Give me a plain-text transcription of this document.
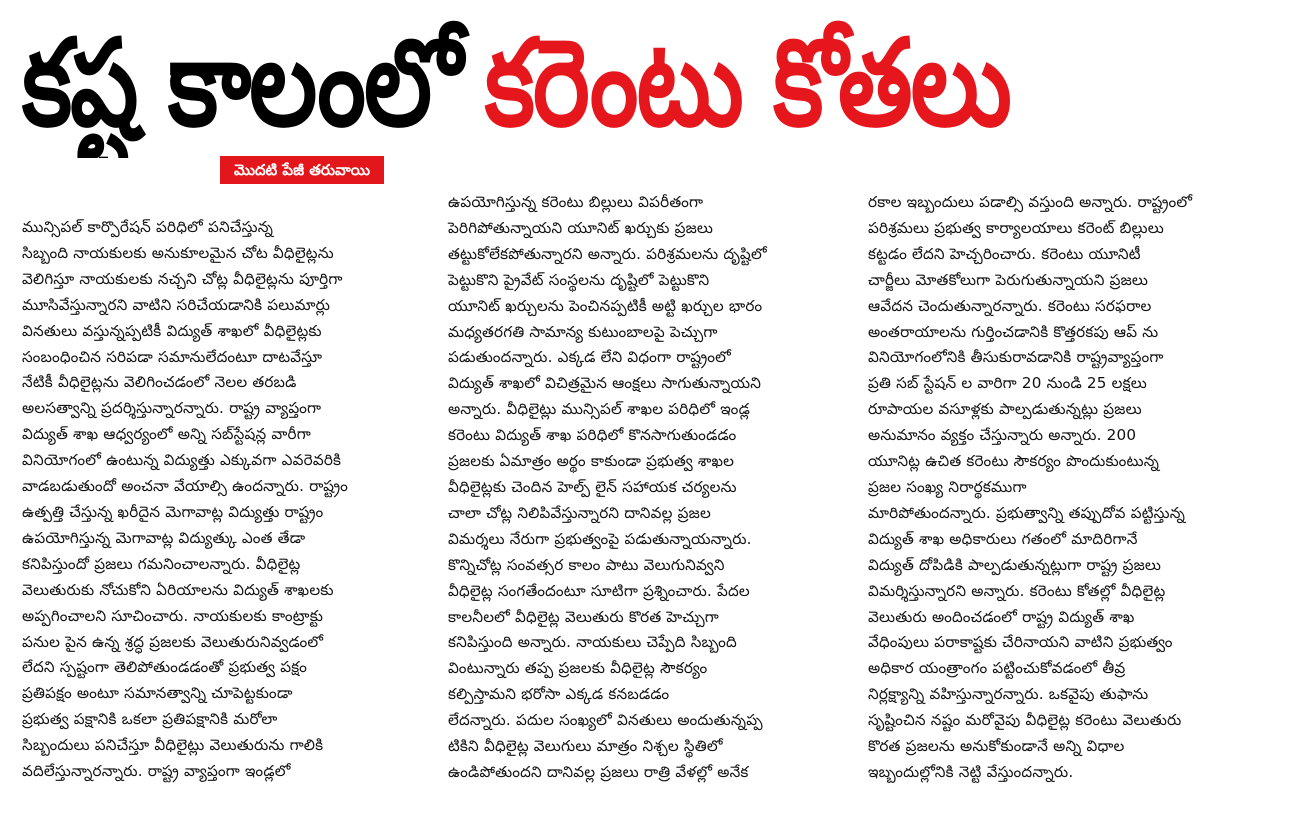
కష్ట కాలంలో కరెంటు కోతలు
మొదటి పేజీ తరువాయి

మున్సిపల్ కార్పొరేషన్ పరిధిలో పనిచేస్తున్న

సిబ్బంది నాయకులకు అనుకూలమైన చోట వీధిలైట్లను

వెలిగిస్తూ నాయకులకు నచ్చని చోట్ల వీధిలైట్లను పూర్తిగా

మూసివేస్తున్నారని వాటిని సరిచేయడానికి పలుమార్లు

వినతులు వస్తున్నప్పటికీ విద్యుత్ శాఖలో వీధిలైట్లకు

సంబంధించిన సరిపడా సమానులేదంటూ దాటవేస్తూ

నేటికీ వీధిలైట్లను వెలిగించడంలో నెలల తరబడి

అలసత్వాన్ని ప్రదర్శిస్తున్నారన్నారు. రాష్ట్ర వ్యాప్తంగా

విద్యుత్ శాఖ ఆధ్వర్యంలో అన్ని సబ్‌స్టేషన్ల వారీగా

వినియోగంలో ఉంటున్న విద్యుత్తు ఎక్కువగా ఎవరెవరికి

వాడబడుతుందో అంచనా వేయాల్సి ఉందన్నారు. రాష్ట్రం

ఉత్పత్తి చేస్తున్న ఖరీదైన మెగావాట్ల విద్యుత్తు రాష్ట్రం

ఉపయోగిస్తున్న మెగావాట్ల విద్యుత్కు ఎంత తేడా

కనిపిస్తుందో ప్రజలు గమనించాలన్నారు. వీధిలైట్ల

వెలుతురుకు నోచుకోని ఏరియాలను విద్యుత్ శాఖలకు

అప్పగించాలని సూచించారు. నాయకులకు కాంట్రాక్టు

పనుల పైన ఉన్న శ్రద్ధ ప్రజలకు వెలుతురునివ్వడంలో

లేదని స్పష్టంగా తెలిపోతుండడంతో ప్రభుత్వ పక్షం

ప్రతిపక్షం అంటూ సమానత్వాన్ని చూపెట్టకుండా

ప్రభుత్వ పక్షానికి ఒకలా ప్రతిపక్షానికి మరోలా

సిబ్బందులు పనిచేస్తూ వీధిలైట్లు వెలుతురును గాలికి

వదిలేస్తున్నారన్నారు. రాష్ట్ర వ్యాప్తంగా ఇండ్లలో

ఉపయోగిస్తున్న కరెంటు బిల్లులు విపరీతంగా

పెరిగిపోతున్నాయని యూనిట్ ఖర్చుకు ప్రజలు

తట్టుకోలేకపోతున్నారని అన్నారు. పరిశ్రమలను దృష్టిలో

పెట్టుకొని ప్రైవేట్ సంస్థలను దృష్టిలో పెట్టుకొని

యూనిట్ ఖర్చులను పెంచినప్పటికీ అట్టి ఖర్చుల భారం

మధ్యతరగతి సామాన్య కుటుంబాలపై పెచ్చుగా

పడుతుందన్నారు. ఎక్కడ లేని విధంగా రాష్ట్రంలో

విద్యుత్ శాఖలో విచిత్రమైన ఆంక్షలు సాగుతున్నాయని

అన్నారు. వీధిలైట్లు మున్సిపల్ శాఖల పరిధిలో ఇండ్ల

కరెంటు విద్యుత్ శాఖ పరిధిలో కొనసాగుతుండడం

ప్రజలకు ఏమాత్రం అర్థం కాకుండా ప్రభుత్వ శాఖల

వీధిలైట్లకు చెందిన హెల్ప్ లైన్ సహాయక చర్యలను

చాలా చోట్ల నిలిపివేస్తున్నారని దానివల్ల ప్రజల

విమర్శలు నేరుగా ప్రభుత్వంపై పడుతున్నాయన్నారు.

కొన్నిచోట్ల సంవత్సర కాలం పాటు వెలుగునివ్వని

వీధిలైట్ల సంగతేందంటూ సూటిగా ప్రశ్నించారు. పేదల

కాలనీలలో వీధిలైట్ల వెలుతురు కొరత హెచ్చుగా

కనిపిస్తుంది అన్నారు. నాయకులు చెప్పేది సిబ్బంది

వింటున్నారు తప్ప ప్రజలకు వీధిలైట్ల సౌకర్యం

కల్పిస్తామని భరోసా ఎక్కడ కనబడడం

లేదన్నారు. పదుల సంఖ్యలో వినతులు అందుతున్నప్ప

టికిని వీధిలైట్ల వెలుగులు మాత్రం నిశ్చల స్థితిలో

ఉండిపోతుందని దానివల్ల ప్రజలు రాత్రి వేళల్లో అనేక

రకాల ఇబ్బందులు పడాల్సి వస్తుంది అన్నారు. రాష్ట్రంలో

పరిశ్రమలు ప్రభుత్వ కార్యాలయాలు కరెంట్ బిల్లులు

కట్టడం లేదని హెచ్చరించారు. కరెంటు యూనిటీ

చార్జీలు మోతకోలుగా పెరుగుతున్నాయని ప్రజలు

ఆవేదన చెందుతున్నారన్నారు. కరెంటు సరఫరాల

అంతరాయాలను గుర్తించడానికి కొత్తరకపు ఆప్ ను

వినియోగంలోనికి తీసుకురావడానికి రాష్ట్రవ్యాప్తంగా

ప్రతి సబ్ స్టేషన్ ల వారిగా 20 నుండి 25 లక్షలు

రూపాయల వసూళ్లకు పాల్పడుతున్నట్లు ప్రజలు

అనుమానం వ్యక్తం చేస్తున్నారు అన్నారు. 200

యూనిట్ల ఉచిత కరెంటు సౌకర్యం పొందుకుంటున్న

ప్రజల సంఖ్య నిరార్థకముగా

మారిపోతుందన్నారు. ప్రభుత్వాన్ని తప్పుదోవ పట్టిస్తున్న

విద్యుత్ శాఖ అధికారులు గతంలో మాదిరిగానే

విద్యుత్ దోపిడికి పాల్పడుతున్నట్లుగా రాష్ట్ర ప్రజలు

విమర్శిస్తున్నారని అన్నారు. కరెంటు కోతల్లో వీధిలైట్ల

వెలుతురు అందించడంలో రాష్ట్ర విద్యుత్ శాఖ

వేధింపులు పరాకాష్టకు చేరినాయని వాటిని ప్రభుత్వం

అధికార యంత్రాంగం పట్టించుకోవడంలో తీవ్ర

నిర్లక్ష్యాన్ని వహిస్తున్నారన్నారు. ఒకవైపు తుఫాను

సృష్టించిన నష్టం మరోవైపు వీధిలైట్ల కరెంటు వెలుతురు

కొరత ప్రజలను అనుకోకుండానే అన్ని విధాల

ఇబ్బందుల్లోనికి నెట్టి వేస్తుందన్నారు.
